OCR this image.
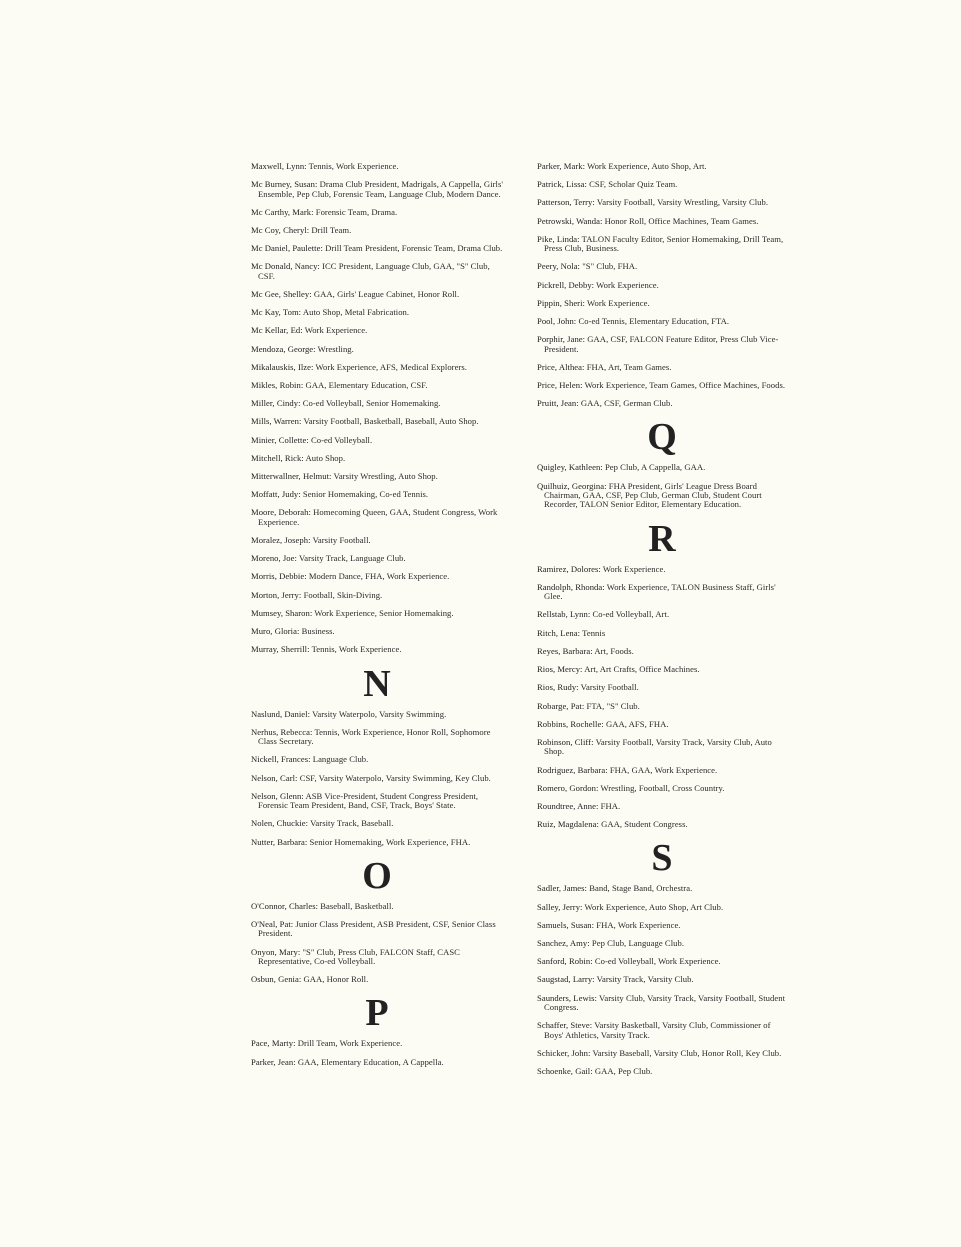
Maxwell, Lynn: Tennis, Work Experience.
Mc Burney, Susan: Drama Club President, Madrigals, A Cappella, Girls' Ensemble, Pep Club, Forensic Team, Language Club, Modern Dance.
Mc Carthy, Mark: Forensic Team, Drama.
Mc Coy, Cheryl: Drill Team.
Mc Daniel, Paulette: Drill Team President, Forensic Team, Drama Club.
Mc Donald, Nancy: ICC President, Language Club, GAA, "S" Club, CSF.
Mc Gee, Shelley: GAA, Girls' League Cabinet, Honor Roll.
Mc Kay, Tom: Auto Shop, Metal Fabrication.
Mc Kellar, Ed: Work Experience.
Mendoza, George: Wrestling.
Mikalauskis, Ilze: Work Experience, AFS, Medical Explorers.
Mikles, Robin: GAA, Elementary Education, CSF.
Miller, Cindy: Co-ed Volleyball, Senior Homemaking.
Mills, Warren: Varsity Football, Basketball, Baseball, Auto Shop.
Minier, Collette: Co-ed Volleyball.
Mitchell, Rick: Auto Shop.
Mitterwallner, Helmut: Varsity Wrestling, Auto Shop.
Moffatt, Judy: Senior Homemaking, Co-ed Tennis.
Moore, Deborah: Homecoming Queen, GAA, Student Congress, Work Experience.
Moralez, Joseph: Varsity Football.
Moreno, Joe: Varsity Track, Language Club.
Morris, Debbie: Modern Dance, FHA, Work Experience.
Morton, Jerry: Football, Skin-Diving.
Mumsey, Sharon: Work Experience, Senior Homemaking.
Muro, Gloria: Business.
Murray, Sherrill: Tennis, Work Experience.
N
Naslund, Daniel: Varsity Waterpolo, Varsity Swimming.
Nerhus, Rebecca: Tennis, Work Experience, Honor Roll, Sophomore Class Secretary.
Nickell, Frances: Language Club.
Nelson, Carl: CSF, Varsity Waterpolo, Varsity Swimming, Key Club.
Nelson, Glenn: ASB Vice-President, Student Congress President, Forensic Team President, Band, CSF, Track, Boys' State.
Nolen, Chuckie: Varsity Track, Baseball.
Nutter, Barbara: Senior Homemaking, Work Experience, FHA.
O
O'Connor, Charles: Baseball, Basketball.
O'Neal, Pat: Junior Class President, ASB President, CSF, Senior Class President.
Onyon, Mary: "S" Club, Press Club, FALCON Staff, CASC Representative, Co-ed Volleyball.
Osbun, Genia: GAA, Honor Roll.
P
Pace, Marty: Drill Team, Work Experience.
Parker, Jean: GAA, Elementary Education, A Cappella.
Parker, Mark: Work Experience, Auto Shop, Art.
Patrick, Lissa: CSF, Scholar Quiz Team.
Patterson, Terry: Varsity Football, Varsity Wrestling, Varsity Club.
Petrowski, Wanda: Honor Roll, Office Machines, Team Games.
Pike, Linda: TALON Faculty Editor, Senior Homemaking, Drill Team, Press Club, Business.
Peery, Nola: "S" Club, FHA.
Pickrell, Debby: Work Experience.
Pippin, Sheri: Work Experience.
Pool, John: Co-ed Tennis, Elementary Education, FTA.
Porphir, Jane: GAA, CSF, FALCON Feature Editor, Press Club Vice-President.
Price, Althea: FHA, Art, Team Games.
Price, Helen: Work Experience, Team Games, Office Machines, Foods.
Pruitt, Jean: GAA, CSF, German Club.
Q
Quigley, Kathleen: Pep Club, A Cappella, GAA.
Quilhuiz, Georgina: FHA President, Girls' League Dress Board Chairman, GAA, CSF, Pep Club, German Club, Student Court Recorder, TALON Senior Editor, Elementary Education.
R
Ramirez, Dolores: Work Experience.
Randolph, Rhonda: Work Experience, TALON Business Staff, Girls' Glee.
Rellstab, Lynn: Co-ed Volleyball, Art.
Ritch, Lena: Tennis
Reyes, Barbara: Art, Foods.
Rios, Mercy: Art, Art Crafts, Office Machines.
Rios, Rudy: Varsity Football.
Robarge, Pat: FTA, "S" Club.
Robbins, Rochelle: GAA, AFS, FHA.
Robinson, Cliff: Varsity Football, Varsity Track, Varsity Club, Auto Shop.
Rodriguez, Barbara: FHA, GAA, Work Experience.
Romero, Gordon: Wrestling, Football, Cross Country.
Roundtree, Anne: FHA.
Ruiz, Magdalena: GAA, Student Congress.
S
Sadler, James: Band, Stage Band, Orchestra.
Salley, Jerry: Work Experience, Auto Shop, Art Club.
Samuels, Susan: FHA, Work Experience.
Sanchez, Amy: Pep Club, Language Club.
Sanford, Robin: Co-ed Volleyball, Work Experience.
Saugstad, Larry: Varsity Track, Varsity Club.
Saunders, Lewis: Varsity Club, Varsity Track, Varsity Football, Student Congress.
Schaffer, Steve: Varsity Basketball, Varsity Club, Commissioner of Boys' Athletics, Varsity Track.
Schicker, John: Varsity Baseball, Varsity Club, Honor Roll, Key Club.
Schoenke, Gail: GAA, Pep Club.
